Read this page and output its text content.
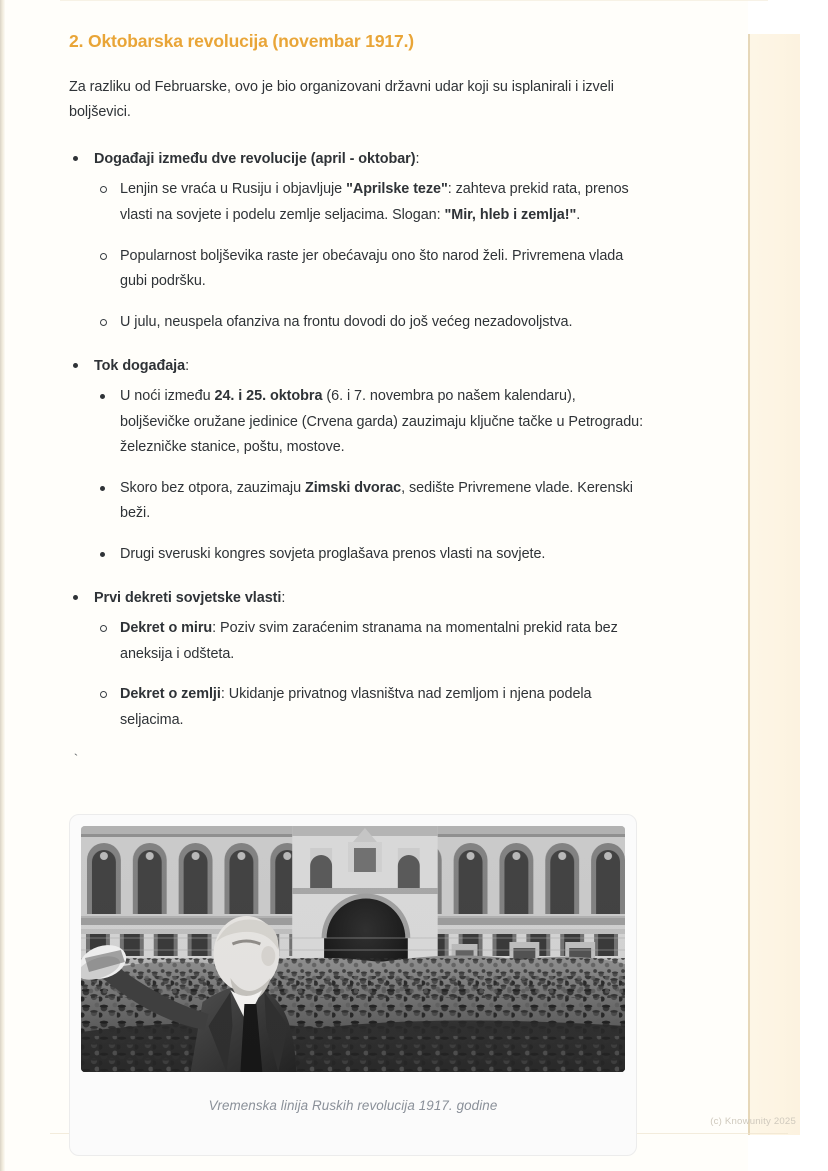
2. Oktobarska revolucija (novembar 1917.)

Za razliku od Februarske, ovo je bio organizovani državni udar koji su isplanirali i izveli boljševici.

Događaji između dve revolucije (april - oktobar):
Lenjin se vraća u Rusiju i objavljuje "Aprilske teze": zahteva prekid rata, prenos vlasti na sovjete i podelu zemlje seljacima. Slogan: "Mir, hleb i zemlja!".
Popularnost boljševika raste jer obećavaju ono što narod želi. Privremena vlada gubi podršku.
U julu, neuspela ofanziva na frontu dovodi do još većeg nezadovoljstva.
Tok događaja:
U noći između 24. i 25. oktobra (6. i 7. novembra po našem kalendaru), boljševičke oružane jedinice (Crvena garda) zauzimaju ključne tačke u Petrogradu: železničke stanice, poštu, mostove.
Skoro bez otpora, zauzimaju Zimski dvorac, sedište Privremene vlade. Kerenski beži.
Drugi sveruski kongres sovjeta proglašava prenos vlasti na sovjete.
Prvi dekreti sovjetske vlasti:
Dekret o miru: Poziv svim zaraćenim stranama na momentalni prekid rata bez aneksija i odšteta.
Dekret o zemlji: Ukidanje privatnog vlasništva nad zemljom i njena podela seljacima.
`
Vremenska linija Ruskih revolucija 1917. godine
(c) Knowunity 2025
